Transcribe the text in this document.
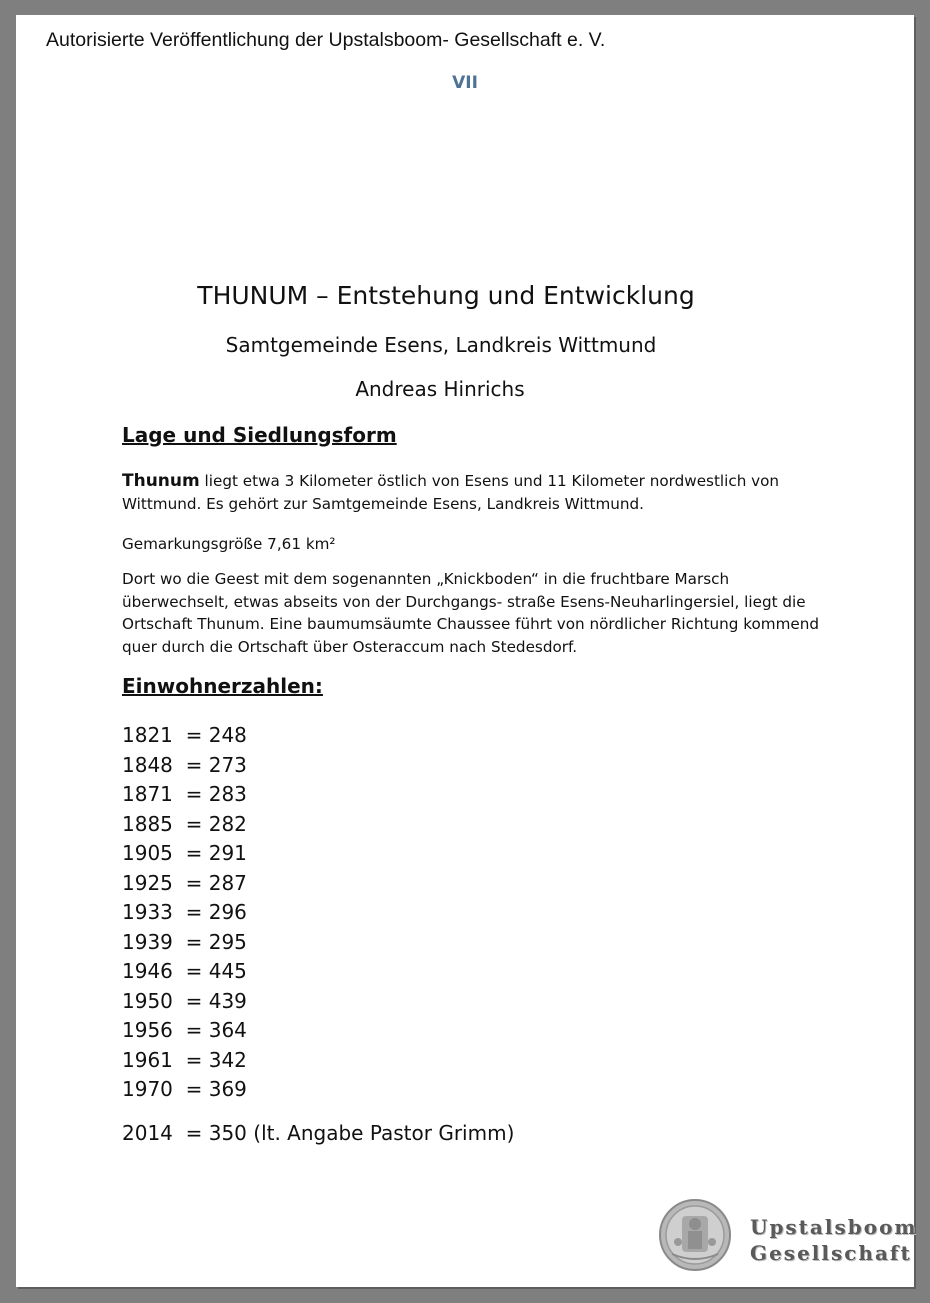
Autorisierte Veröffentlichung der Upstalsboom- Gesellschaft e. V.
VII
THUNUM – Entstehung und Entwicklung
Samtgemeinde Esens, Landkreis Wittmund
Andreas Hinrichs
Lage und Siedlungsform
Thunum liegt etwa 3 Kilometer östlich von Esens und 11 Kilometer nordwestlich von Wittmund. Es gehört zur Samtgemeinde Esens, Landkreis Wittmund.
Gemarkungsgröße 7,61 km²
Dort wo die Geest mit dem sogenannten „Knickboden“ in die fruchtbare Marsch überwechselt, etwas abseits von der Durchgangs- straße Esens-Neuharlingersiel, liegt die Ortschaft Thunum. Eine baumumsäumte Chaussee führt von nördlicher Richtung kommend quer durch die Ortschaft über Osteraccum nach Stedesdorf.
Einwohnerzahlen:
1821  = 248
1848  = 273
1871  = 283
1885  = 282
1905  = 291
1925  = 287
1933  = 296
1939  = 295
1946  = 445
1950  = 439
1956  = 364
1961  = 342
1970  = 369
2014  = 350 (lt. Angabe Pastor Grimm)
Upstalsboom
Gesellschaft
